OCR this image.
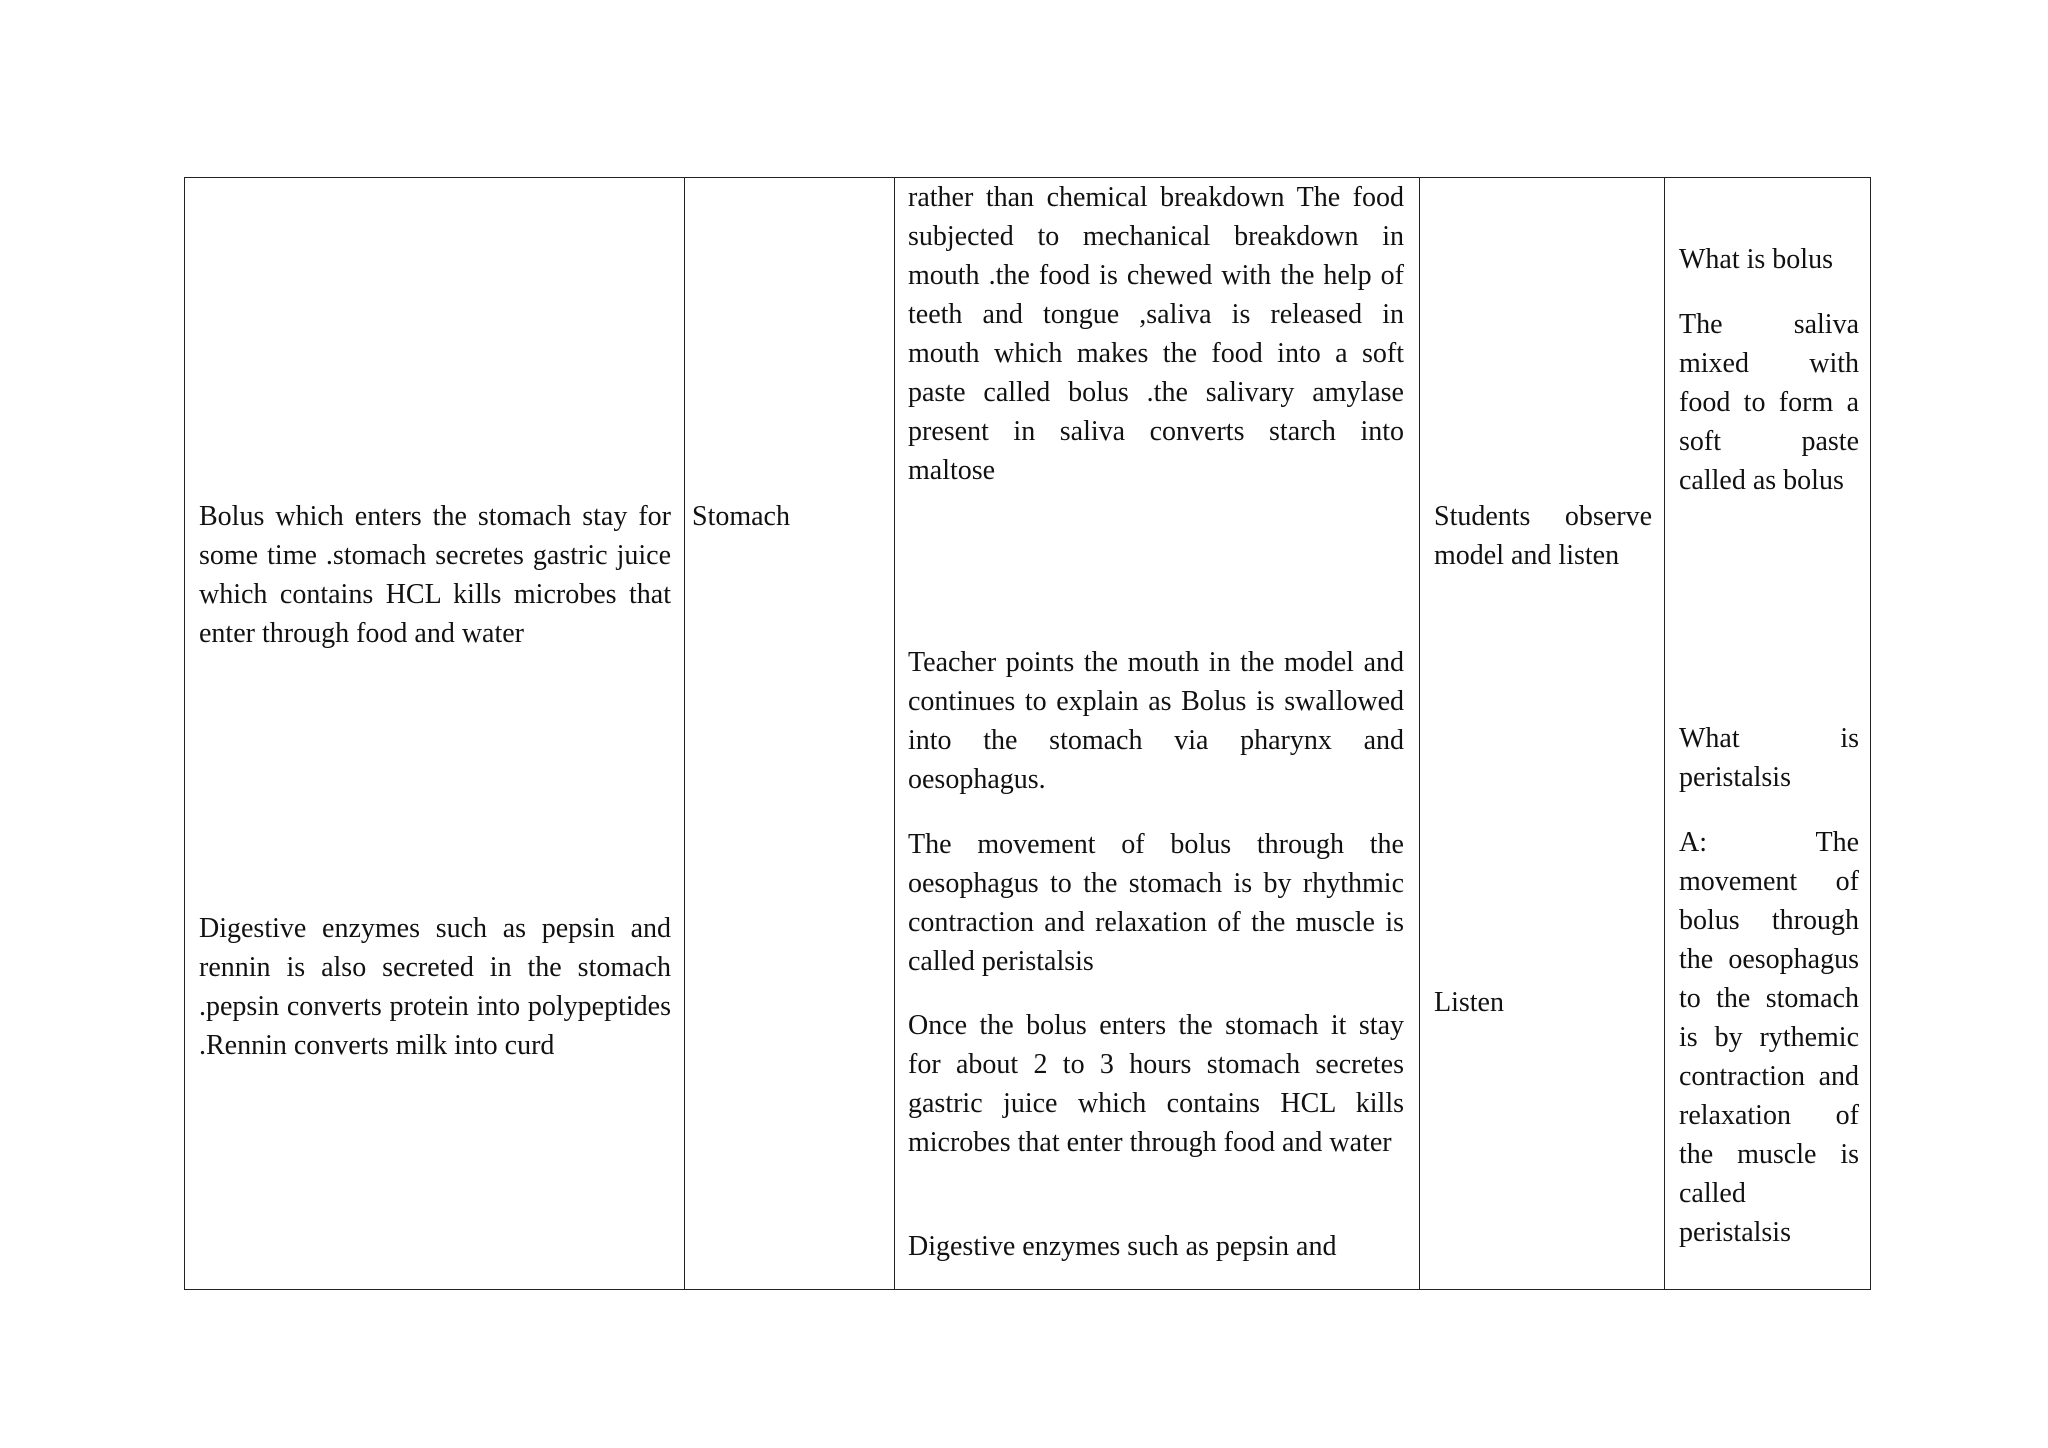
Bolus which enters the stomach stay for some time .stomach secretes gastric juice which contains HCL kills microbes that enter through food and water
Digestive enzymes such as pepsin and rennin is also secreted in the stomach .pepsin converts protein into polypeptides .Rennin converts milk into curd
Stomach
rather than chemical breakdown The food subjected to mechanical breakdown in mouth .the food is chewed with the help of teeth and tongue ,saliva is released in mouth which makes the food into a soft paste called bolus .the salivary amylase present in saliva converts starch into maltose
Teacher points the mouth in the model and continues to explain as Bolus is swallowed into the stomach via pharynx and oesophagus.
The movement of bolus through the oesophagus to the stomach is by rhythmic contraction and relaxation of the muscle is called peristalsis
Once the bolus enters the stomach it stay for about 2 to 3 hours stomach secretes gastric juice which contains HCL kills microbes that enter through food and water
Digestive enzymes such as pepsin and
Students observe model and listen
Listen
What is bolus
The saliva mixed with food to form a soft paste called as bolus
What is peristalsis
A: The movement of bolus through the oesophagus to the stomach is by rythemic contraction and relaxation of the muscle is called peristalsis
